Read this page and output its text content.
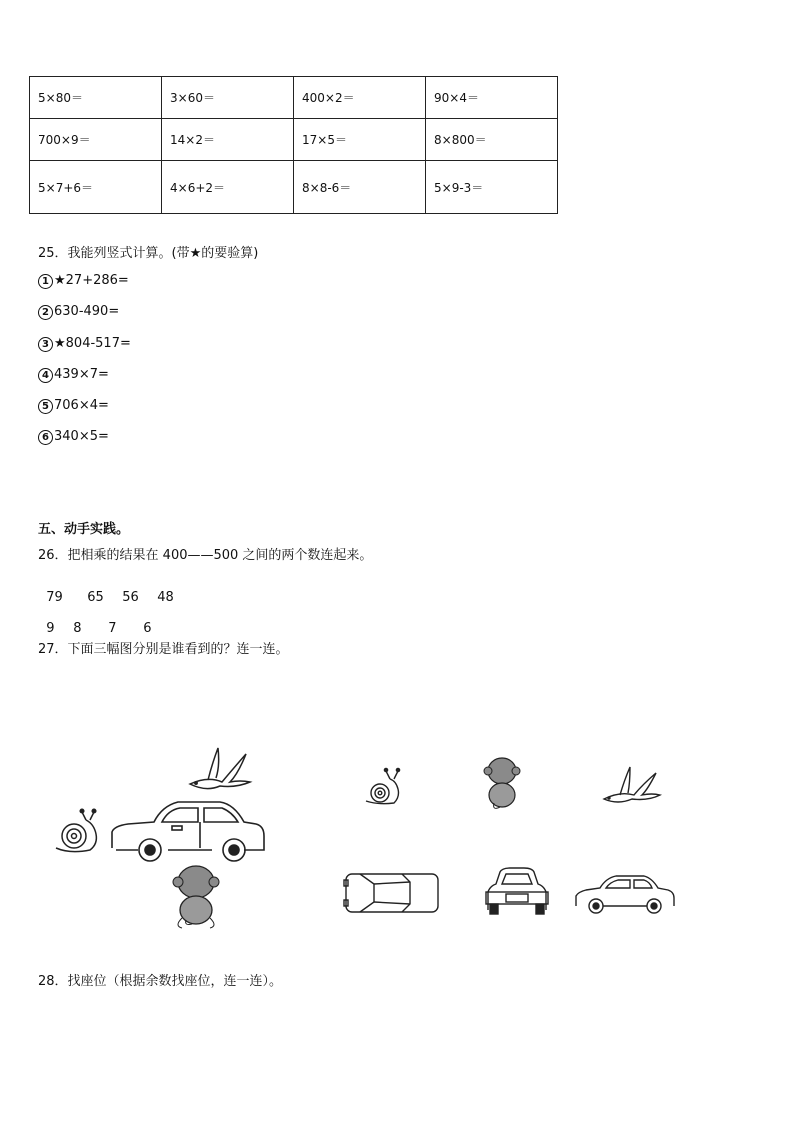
5×80＝	3×60＝	400×2＝	90×4＝
700×9＝	14×2＝	17×5＝	8×800＝
5×7+6＝	4×6+2＝	8×8-6＝	5×9-3＝
25．我能列竖式计算。(带★的要验算)
1 ★27+286=
2 630-490=
3 ★804-517=
4 439×7=
5 706×4=
6 340×5=
五、动手实践。
26．把相乘的结果在 400——500 之间的两个数连起来。

79 65 56 48

9 8 7 6

27．下面三幅图分别是谁看到的？连一连。
28．找座位（根据余数找座位，连一连）。
